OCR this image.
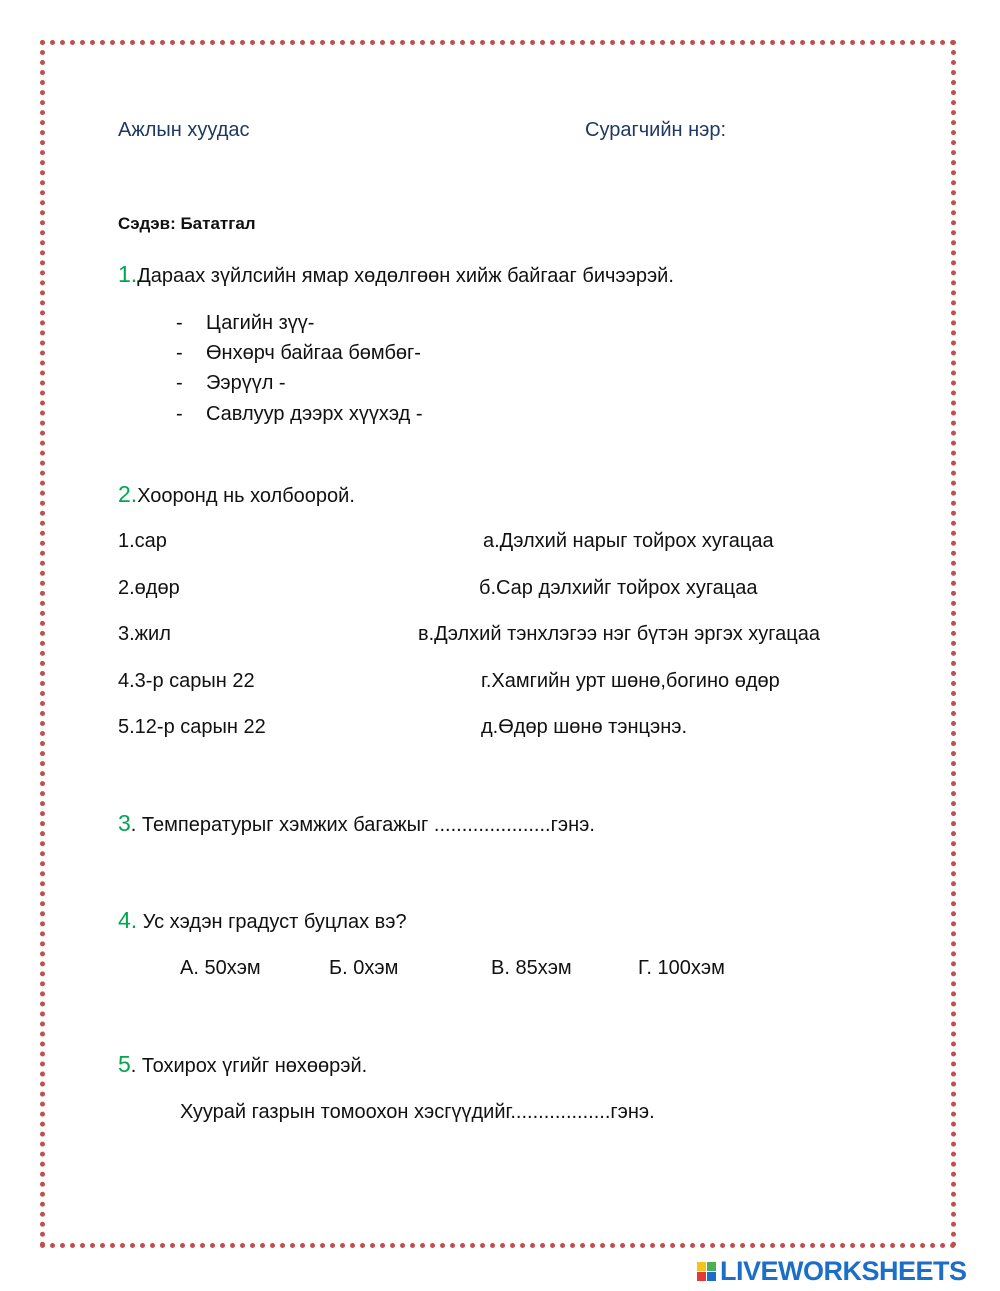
Ажлын хуудас	Сурагчийн нэр:
Сэдэв: Бататгал
1.Дараах зүйлсийн ямар хөдөлгөөн хийж байгааг бичээрэй.
- Цагийн зүү-
- Өнхөрч байгаа бөмбөг-
- Ээрүүл -
- Савлуур дээрх хүүхэд -
2.Хооронд нь холбоорой.
1.сар	а.Дэлхий нарыг тойрох хугацаа
2.өдөр	б.Сар дэлхийг тойрох хугацаа
3.жил	в.Дэлхий тэнхлэгээ нэг бүтэн эргэх хугацаа
4.3-р сарын 22	г.Хамгийн урт шөнө,богино өдөр
5.12-р сарын 22	д.Өдөр шөнө тэнцэнэ.
3. Температурыг хэмжих багажыг .....................гэнэ.
4. Ус хэдэн градуст буцлах вэ?
А. 50хэм	Б. 0хэм	В. 85хэм	Г. 100хэм
5. Тохирох үгийг нөхөөрэй.
Хуурай газрын томоохон хэсгүүдийг..................гэнэ.
LIVEWORKSHEETS
